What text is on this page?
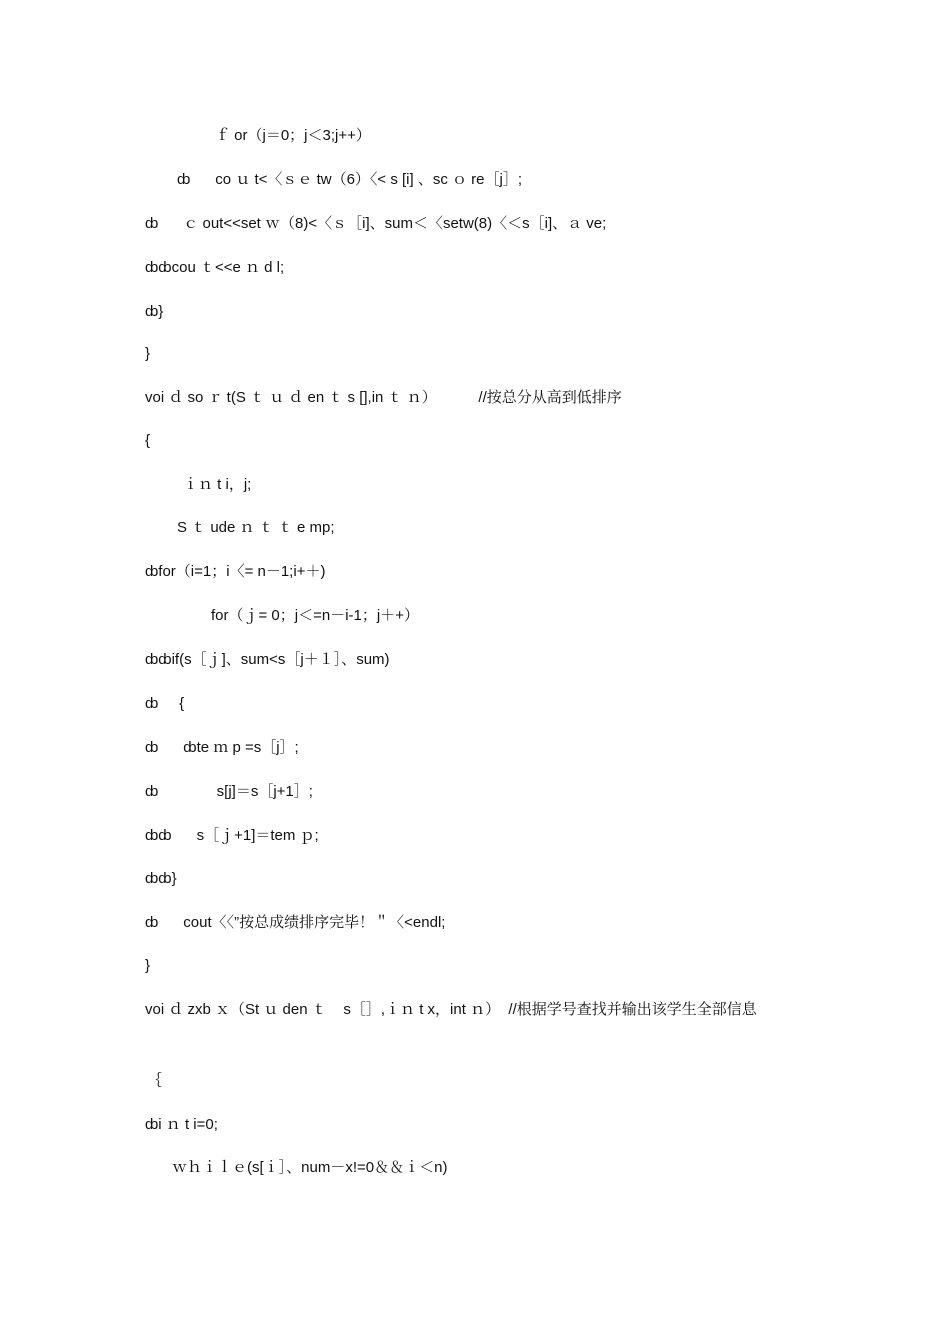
ｆ or（j＝0；j＜3;j++）
ȸ      co ｕ t<〈ｓｅ tw（6）〈< s [i] 、sc ｏ re［j］;
ȸ      ｃ out<<set ｗ（8)<〈ｓ［i]、sum＜〈setw(8)〈＜s［i]、ａ ve;
ȸȸcou ｔ<<e ｎ d l;
ȸ}
}
voi ｄ so ｒ t(S ｔ ｕ ｄ en ｔ s [],in ｔ ｎ）          //按总分从高到低排序
{
ｉｎ t i，j;
S ｔ ude ｎ ｔ ｔ e mp;
ȸfor（i=1；i〈= n－1;i+＋)
for（ｊ= 0；j＜=n－i-1；j＋+）
ȸȸif(s［ｊ]、sum<s［j＋１］、sum)
ȸ     {
ȸ      ȸte ｍ p =s［j］;
ȸ              s[j]＝s［j+1］;
ȸȸ      s［ｊ+1]＝tem ｐ;
ȸȸ}
ȸ      cout〈〈”按总成绩排序完毕！＂〈<endl;
}
voi ｄ zxb ｘ（St ｕ den ｔ    s［］,ｉｎ t x，int ｎ）  //根据学号查找并输出该学生全部信息
｛
ȸi ｎ t i=0;
ｗｈｉｌｅ(s[ｉ］、num－x!=0＆＆ｉ＜n)
